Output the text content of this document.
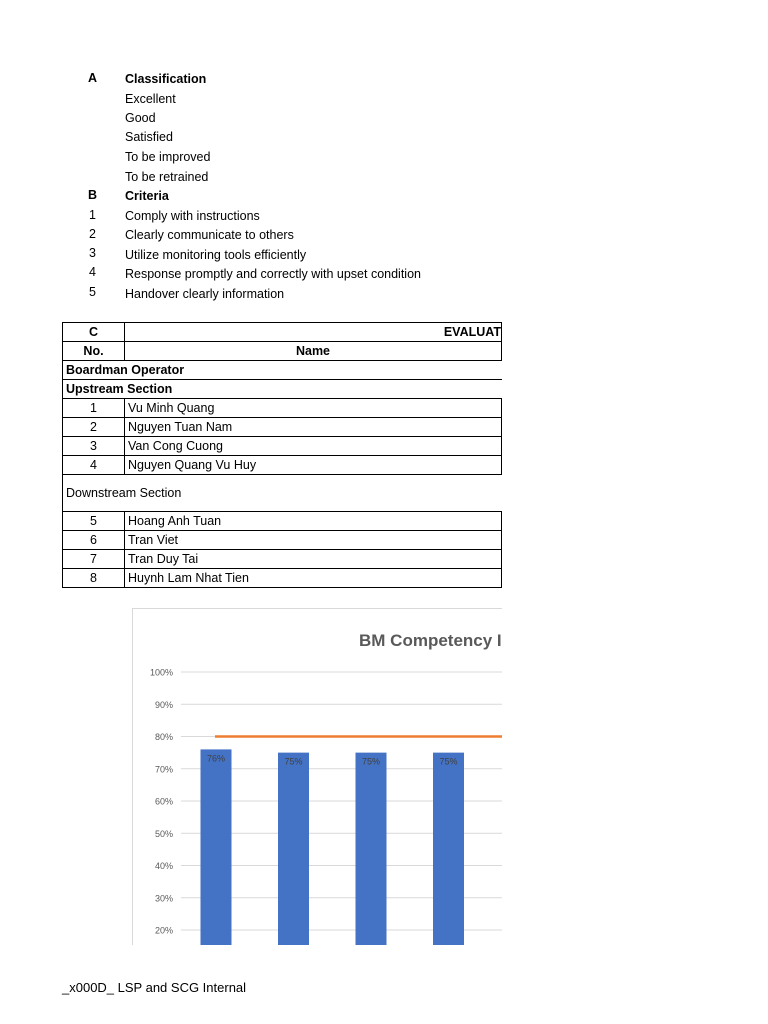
A Classification
Excellent
Good
Satisfied
To be improved
To be retrained
B Criteria
1 Comply with instructions
2 Clearly communicate to others
3 Utilize monitoring tools efficiently
4 Response promptly and correctly with upset condition
5 Handover clearly information
C	EVALUAT
No.	Name
Boardman Operator	
Upstream Section	
1	Vu Minh Quang
2	Nguyen Tuan Nam
3	Van Cong Cuong
4	Nguyen Quang Vu Huy
Downstream Section	
5	Hoang Anh Tuan
6	Tran Viet
7	Tran Duy Tai
8	Huynh Lam Nhat Tien
BM Competency I
20%
30%
40%
50%
60%
70%
80%
90%
100%
76%	75%	75%	75%
_x000D_ LSP and SCG Internal
